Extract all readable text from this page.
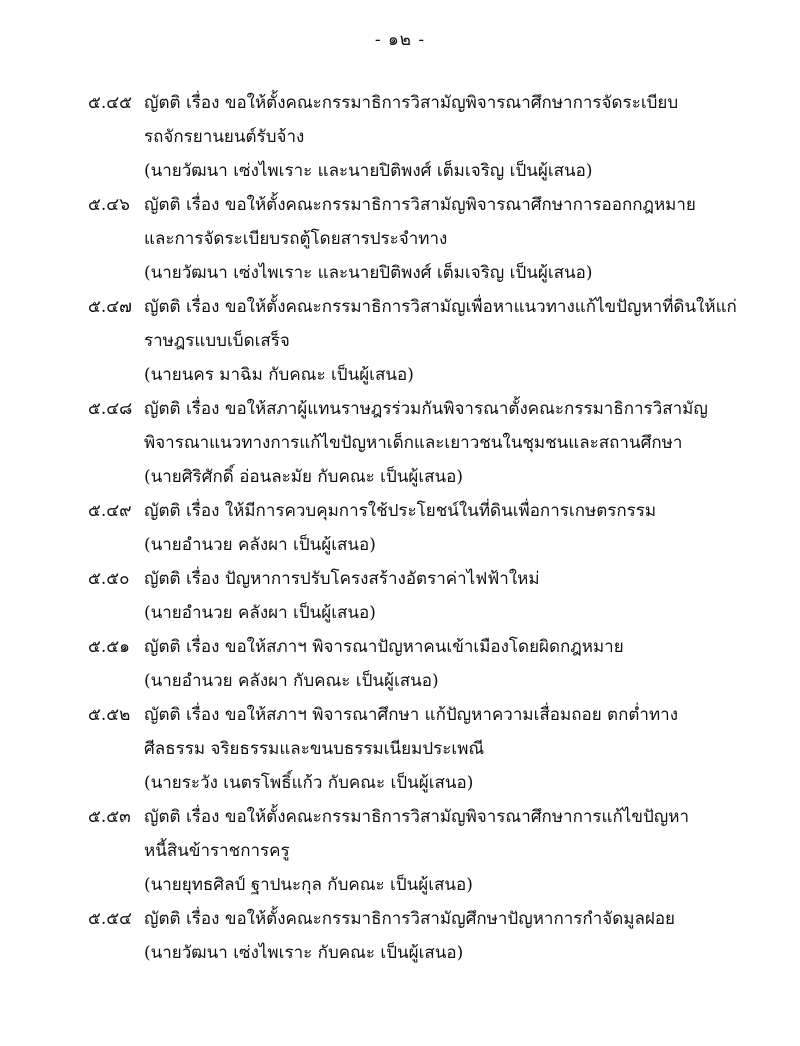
- ๑๒ -
๕.๔๕ ญัตติ เรื่อง ขอให้ตั้งคณะกรรมาธิการวิสามัญพิจารณาศึกษาการจัดระเบียบ

รถจักรยานยนต์รับจ้าง

(นายวัฒนา เซ่งไพเราะ และนายปิติพงศ์ เต็มเจริญ เป็นผู้เสนอ)

๕.๔๖ ญัตติ เรื่อง ขอให้ตั้งคณะกรรมาธิการวิสามัญพิจารณาศึกษาการออกกฎหมาย

และการจัดระเบียบรถตู้โดยสารประจำทาง

(นายวัฒนา เซ่งไพเราะ และนายปิติพงศ์ เต็มเจริญ เป็นผู้เสนอ)

๕.๔๗ ญัตติ เรื่อง ขอให้ตั้งคณะกรรมาธิการวิสามัญเพื่อหาแนวทางแก้ไขปัญหาที่ดินให้แก่

ราษฎรแบบเบ็ดเสร็จ

(นายนคร มาฉิม กับคณะ เป็นผู้เสนอ)

๕.๔๘ ญัตติ เรื่อง ขอให้สภาผู้แทนราษฎรร่วมกันพิจารณาตั้งคณะกรรมาธิการวิสามัญ

พิจารณาแนวทางการแก้ไขปัญหาเด็กและเยาวชนในชุมชนและสถานศึกษา

(นายศิริศักดิ์ อ่อนละมัย กับคณะ เป็นผู้เสนอ)

๕.๔๙ ญัตติ เรื่อง ให้มีการควบคุมการใช้ประโยชน์ในที่ดินเพื่อการเกษตรกรรม

(นายอำนวย คลังผา เป็นผู้เสนอ)

๕.๕๐ ญัตติ เรื่อง ปัญหาการปรับโครงสร้างอัตราค่าไฟฟ้าใหม่

(นายอำนวย คลังผา เป็นผู้เสนอ)

๕.๕๑ ญัตติ เรื่อง ขอให้สภาฯ พิจารณาปัญหาคนเข้าเมืองโดยผิดกฎหมาย

(นายอำนวย คลังผา กับคณะ เป็นผู้เสนอ)

๕.๕๒ ญัตติ เรื่อง ขอให้สภาฯ พิจารณาศึกษา แก้ปัญหาความเสื่อมถอย ตกต่ำทาง

ศีลธรรม จริยธรรมและขนบธรรมเนียมประเพณี

(นายระวัง เนตรโพธิ์แก้ว กับคณะ เป็นผู้เสนอ)

๕.๕๓ ญัตติ เรื่อง ขอให้ตั้งคณะกรรมาธิการวิสามัญพิจารณาศึกษาการแก้ไขปัญหา

หนี้สินข้าราชการครู

(นายยุทธศิลป์ ฐาปนะกุล กับคณะ เป็นผู้เสนอ)

๕.๕๔ ญัตติ เรื่อง ขอให้ตั้งคณะกรรมาธิการวิสามัญศึกษาปัญหาการกำจัดมูลฝอย

(นายวัฒนา เซ่งไพเราะ กับคณะ เป็นผู้เสนอ)
